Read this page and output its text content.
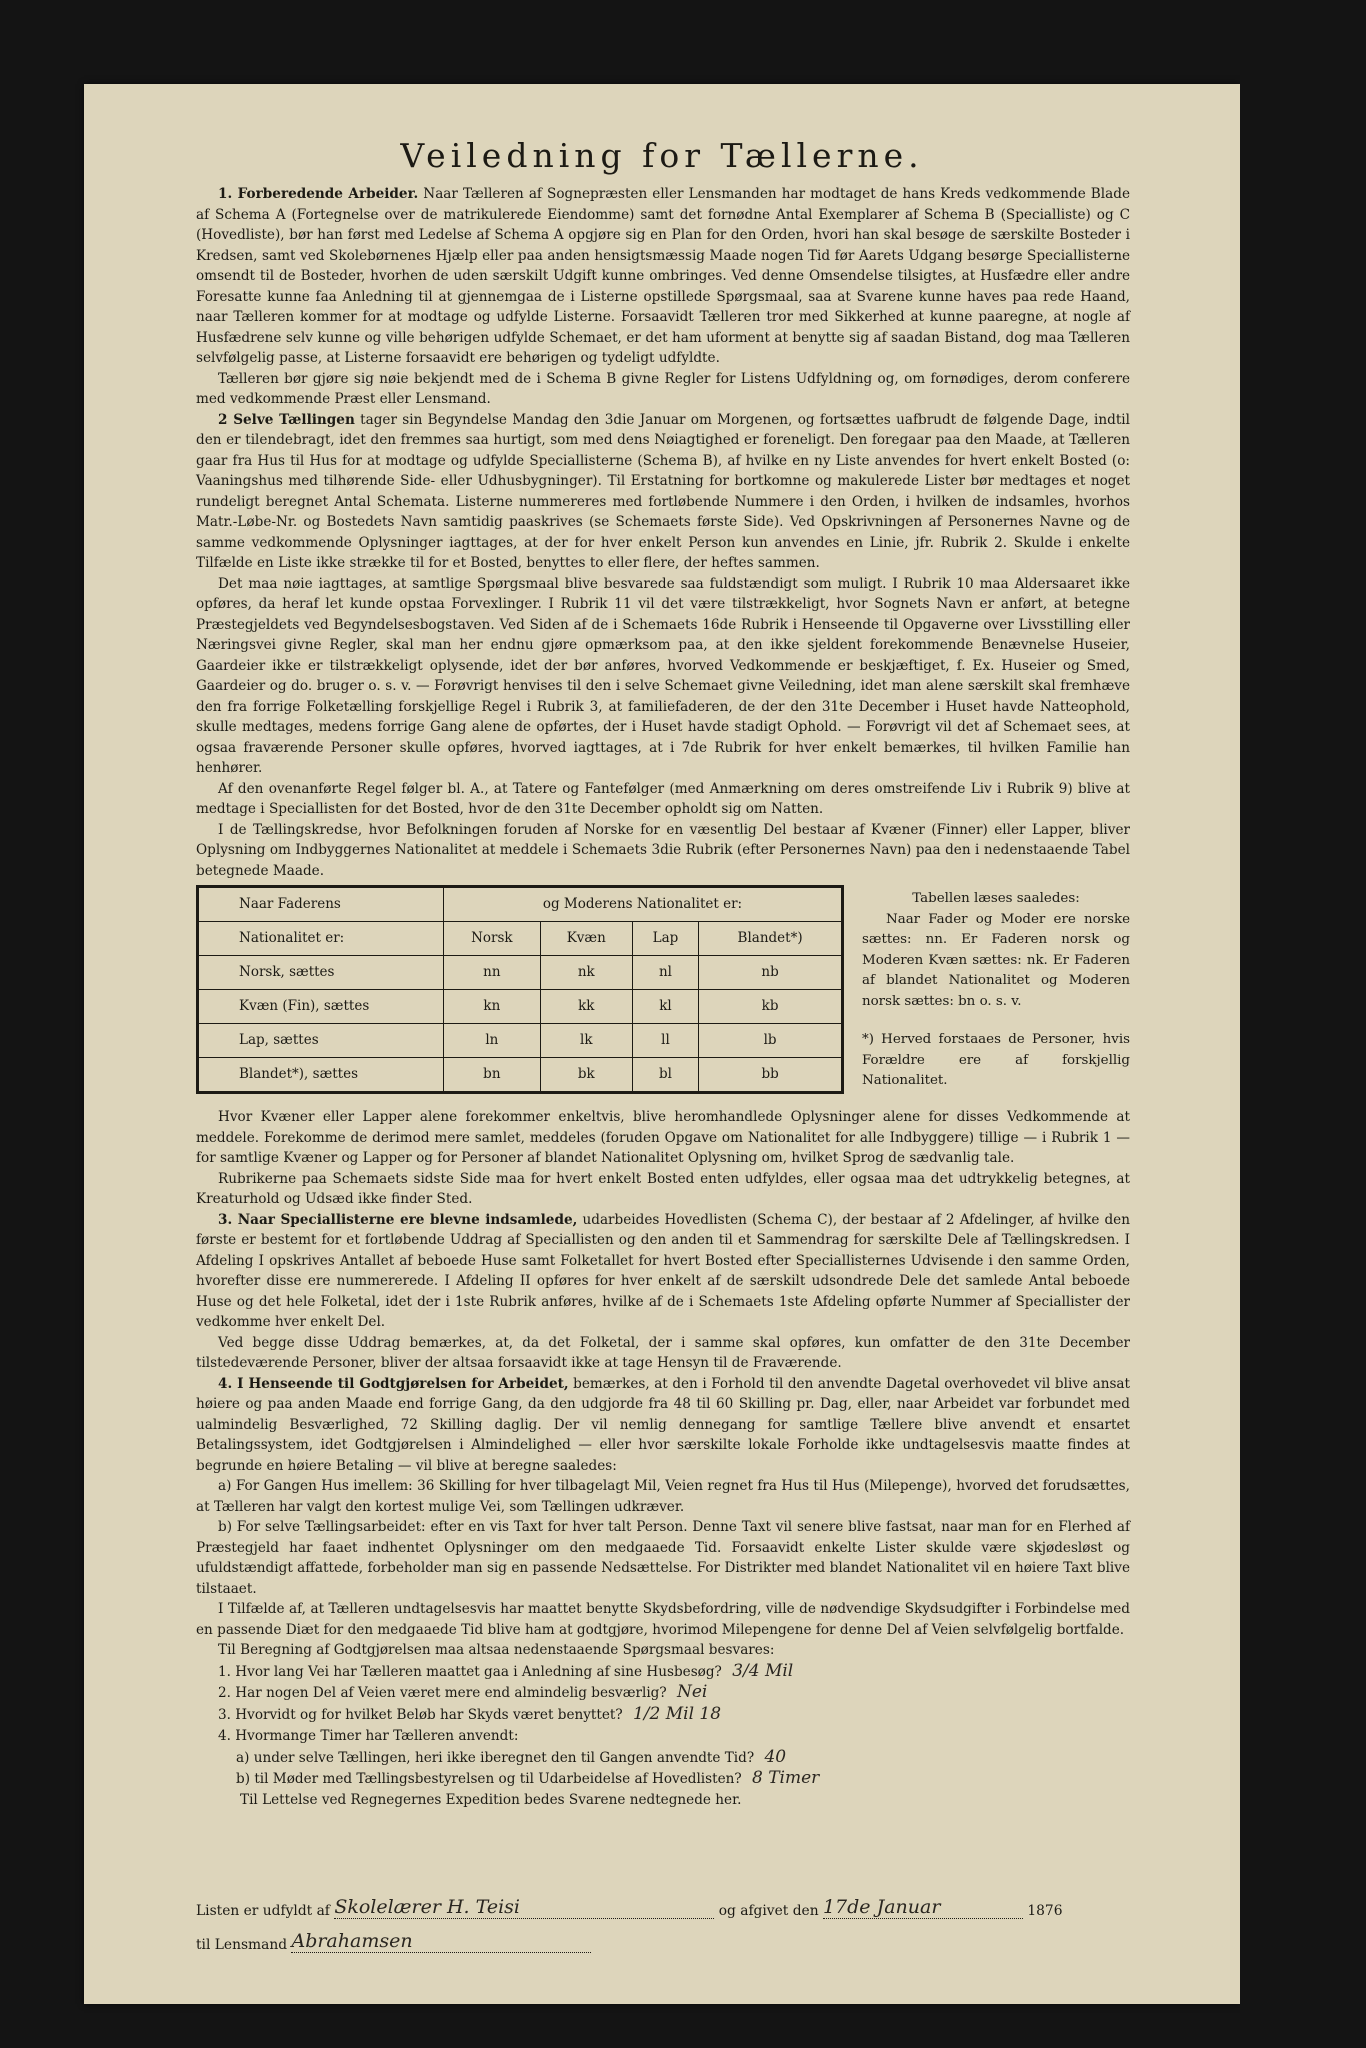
Veiledning for Tællerne.

1. Forberedende Arbeider. Naar Tælleren af Sognepræsten eller Lensmanden har modtaget de hans Kreds vedkommende Blade af Schema A (Fortegnelse over de matrikulerede Eiendomme) samt det fornødne Antal Exemplarer af Schema B (Specialliste) og C (Hovedliste), bør han først med Ledelse af Schema A opgjøre sig en Plan for den Orden, hvori han skal besøge de særskilte Bosteder i Kredsen, samt ved Skolebørnenes Hjælp eller paa anden hensigtsmæssig Maade nogen Tid før Aarets Udgang besørge Speciallisterne omsendt til de Bosteder, hvorhen de uden særskilt Udgift kunne ombringes. Ved denne Omsendelse tilsigtes, at Husfædre eller andre Foresatte kunne faa Anledning til at gjennemgaa de i Listerne opstillede Spørgsmaal, saa at Svarene kunne haves paa rede Haand, naar Tælleren kommer for at modtage og udfylde Listerne. Forsaavidt Tælleren tror med Sikkerhed at kunne paaregne, at nogle af Husfædrene selv kunne og ville behørigen udfylde Schemaet, er det ham uforment at benytte sig af saadan Bistand, dog maa Tælleren selvfølgelig passe, at Listerne forsaavidt ere behørigen og tydeligt udfyldte.

Tælleren bør gjøre sig nøie bekjendt med de i Schema B givne Regler for Listens Udfyldning og, om fornødiges, derom conferere med vedkommende Præst eller Lensmand.

2 Selve Tællingen tager sin Begyndelse Mandag den 3die Januar om Morgenen, og fortsættes uafbrudt de følgende Dage, indtil den er tilendebragt, idet den fremmes saa hurtigt, som med dens Nøiagtighed er foreneligt. Den foregaar paa den Maade, at Tælleren gaar fra Hus til Hus for at modtage og udfylde Speciallisterne (Schema B), af hvilke en ny Liste anvendes for hvert enkelt Bosted (o: Vaaningshus med tilhørende Side- eller Udhusbygninger). Til Erstatning for bortkomne og makulerede Lister bør medtages et noget rundeligt beregnet Antal Schemata. Listerne nummereres med fortløbende Nummere i den Orden, i hvilken de indsamles, hvorhos Matr.-Løbe-Nr. og Bostedets Navn samtidig paaskrives (se Schemaets første Side). Ved Opskrivningen af Personernes Navne og de samme vedkommende Oplysninger iagttages, at der for hver enkelt Person kun anvendes en Linie, jfr. Rubrik 2. Skulde i enkelte Tilfælde en Liste ikke strække til for et Bosted, benyttes to eller flere, der heftes sammen.

Det maa nøie iagttages, at samtlige Spørgsmaal blive besvarede saa fuldstændigt som muligt. I Rubrik 10 maa Aldersaaret ikke opføres, da heraf let kunde opstaa Forvexlinger. I Rubrik 11 vil det være tilstrækkeligt, hvor Sognets Navn er anført, at betegne Præstegjeldets ved Begyndelsesbogstaven. Ved Siden af de i Schemaets 16de Rubrik i Henseende til Opgaverne over Livsstilling eller Næringsvei givne Regler, skal man her endnu gjøre opmærksom paa, at den ikke sjeldent forekommende Benævnelse Huseier, Gaardeier ikke er tilstrækkeligt oplysende, idet der bør anføres, hvorved Vedkommende er beskjæftiget, f. Ex. Huseier og Smed, Gaardeier og do. bruger o. s. v. — Forøvrigt henvises til den i selve Schemaet givne Veiledning, idet man alene særskilt skal fremhæve den fra forrige Folketælling forskjellige Regel i Rubrik 3, at familiefaderen, de der den 31te December i Huset havde Natteophold, skulle medtages, medens forrige Gang alene de opførtes, der i Huset havde stadigt Ophold. — Forøvrigt vil det af Schemaet sees, at ogsaa fraværende Personer skulle opføres, hvorved iagttages, at i 7de Rubrik for hver enkelt bemærkes, til hvilken Familie han henhører.

Af den ovenanførte Regel følger bl. A., at Tatere og Fantefølger (med Anmærkning om deres omstreifende Liv i Rubrik 9) blive at medtage i Speciallisten for det Bosted, hvor de den 31te December opholdt sig om Natten.

I de Tællingskredse, hvor Befolkningen foruden af Norske for en væsentlig Del bestaar af Kvæner (Finner) eller Lapper, bliver Oplysning om Indbyggernes Nationalitet at meddele i Schemaets 3die Rubrik (efter Personernes Navn) paa den i nedenstaaende Tabel betegnede Maade.

Naar Faderens	og Moderens Nationalitet er:			
Nationalitet er:	Norsk	Kvæn	Lap	Blandet*)
Norsk, sættes	nn	nk	nl	nb
Kvæn (Fin), sættes	kn	kk	kl	kb
Lap, sættes	ln	lk	ll	lb
Blandet*), sættes	bn	bk	bl	bb
Tabellen læses saaledes:
Naar Fader og Moder ere norske sættes: nn. Er Faderen norsk og Moderen Kvæn sættes: nk. Er Faderen af blandet Nationalitet og Moderen norsk sættes: bn o. s. v.
*) Herved forstaaes de Personer, hvis Forældre ere af forskjellig Nationalitet.

Hvor Kvæner eller Lapper alene forekommer enkeltvis, blive heromhandlede Oplysninger alene for disses Vedkommende at meddele. Forekomme de derimod mere samlet, meddeles (foruden Opgave om Nationalitet for alle Indbyggere) tillige — i Rubrik 1 — for samtlige Kvæner og Lapper og for Personer af blandet Nationalitet Oplysning om, hvilket Sprog de sædvanlig tale.

Rubrikerne paa Schemaets sidste Side maa for hvert enkelt Bosted enten udfyldes, eller ogsaa maa det udtrykkelig betegnes, at Kreaturhold og Udsæd ikke finder Sted.

3. Naar Speciallisterne ere blevne indsamlede, udarbeides Hovedlisten (Schema C), der bestaar af 2 Afdelinger, af hvilke den første er bestemt for et fortløbende Uddrag af Speciallisten og den anden til et Sammendrag for særskilte Dele af Tællingskredsen. I Afdeling I opskrives Antallet af beboede Huse samt Folketallet for hvert Bosted efter Speciallisternes Udvisende i den samme Orden, hvorefter disse ere nummererede. I Afdeling II opføres for hver enkelt af de særskilt udsondrede Dele det samlede Antal beboede Huse og det hele Folketal, idet der i 1ste Rubrik anføres, hvilke af de i Schemaets 1ste Afdeling opførte Nummer af Speciallister der vedkomme hver enkelt Del.

Ved begge disse Uddrag bemærkes, at, da det Folketal, der i samme skal opføres, kun omfatter de den 31te December tilstedeværende Personer, bliver der altsaa forsaavidt ikke at tage Hensyn til de Fraværende.

4. I Henseende til Godtgjørelsen for Arbeidet, bemærkes, at den i Forhold til den anvendte Dagetal overhovedet vil blive ansat høiere og paa anden Maade end forrige Gang, da den udgjorde fra 48 til 60 Skilling pr. Dag, eller, naar Arbeidet var forbundet med ualmindelig Besværlighed, 72 Skilling daglig. Der vil nemlig dennegang for samtlige Tællere blive anvendt et ensartet Betalingssystem, idet Godtgjørelsen i Almindelighed — eller hvor særskilte lokale Forholde ikke undtagelsesvis maatte findes at begrunde en høiere Betaling — vil blive at beregne saaledes:

a) For Gangen Hus imellem: 36 Skilling for hver tilbagelagt Mil, Veien regnet fra Hus til Hus (Milepenge), hvorved det forudsættes, at Tælleren har valgt den kortest mulige Vei, som Tællingen udkræver.

b) For selve Tællingsarbeidet: efter en vis Taxt for hver talt Person. Denne Taxt vil senere blive fastsat, naar man for en Flerhed af Præstegjeld har faaet indhentet Oplysninger om den medgaaede Tid. Forsaavidt enkelte Lister skulde være skjødesløst og ufuldstændigt affattede, forbeholder man sig en passende Nedsættelse. For Distrikter med blandet Nationalitet vil en høiere Taxt blive tilstaaet.

I Tilfælde af, at Tælleren undtagelsesvis har maattet benytte Skydsbefordring, ville de nødvendige Skydsudgifter i Forbindelse med en passende Diæt for den medgaaede Tid blive ham at godtgjøre, hvorimod Milepengene for denne Del af Veien selvfølgelig bortfalde.

Til Beregning af Godtgjørelsen maa altsaa nedenstaaende Spørgsmaal besvares:

1. Hvor lang Vei har Tælleren maattet gaa i Anledning af sine Husbesøg? 3/4 Mil

2. Har nogen Del af Veien været mere end almindelig besværlig? Nei

3. Hvorvidt og for hvilket Beløb har Skyds været benyttet? 1/2 Mil 18

4. Hvormange Timer har Tælleren anvendt:

a) under selve Tællingen, heri ikke iberegnet den til Gangen anvendte Tid? 40

b) til Møder med Tællingsbestyrelsen og til Udarbeidelse af Hovedlisten? 8 Timer

Til Lettelse ved Regnegernes Expedition bedes Svarene nedtegnede her.

Listen er udfyldt af Skolelærer H. Teisi	og afgivet den 17de Januar	1876
til Lensmand Abrahamsen
